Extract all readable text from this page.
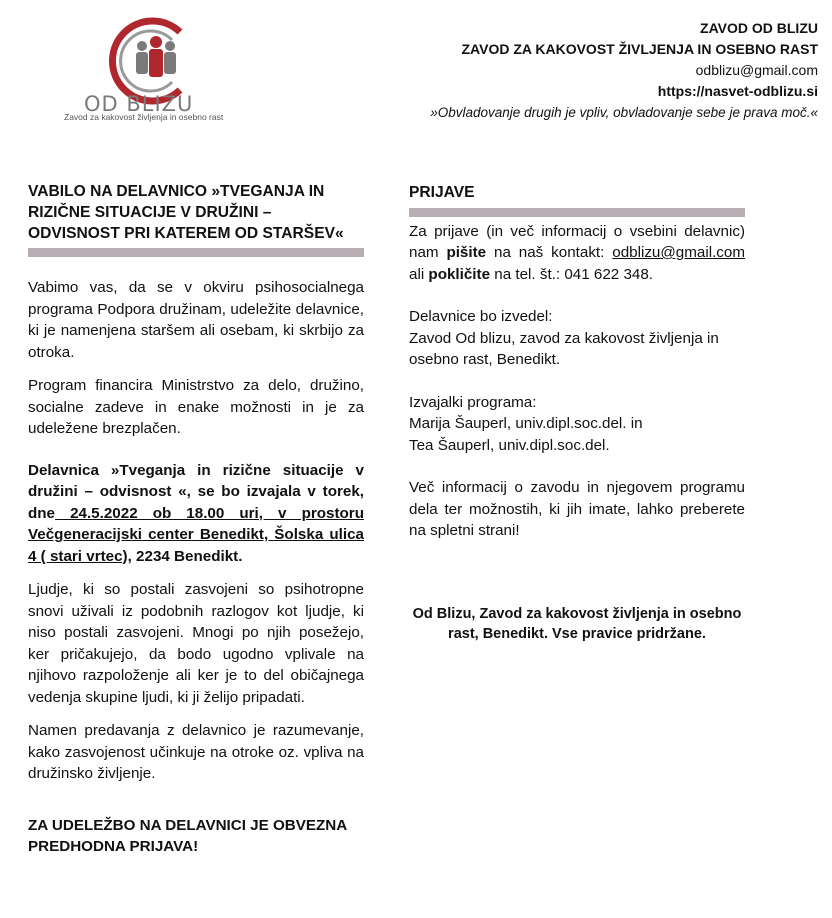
OD BLIZU
Zavod za kakovost življenja in osebno rast
ZAVOD OD BLIZU
ZAVOD ZA KAKOVOST ŽIVLJENJA IN OSEBNO RAST
odblizu@gmail.com
https://nasvet-odblizu.si
»Obvladovanje drugih je vpliv, obvladovanje sebe je prava moč.«
VABILO NA DELAVNICO »TVEGANJA IN RIZIČNE SITUACIJE V DRUŽINI – ODVISNOST PRI KATEREM OD STARŠEV«

Vabimo vas, da se v okviru psihosocialnega programa Podpora družinam, udeležite delavnice, ki je namenjena staršem ali osebam, ki skrbijo za otroka.

Program financira Ministrstvo za delo, družino, socialne zadeve in enake možnosti in je za udeležene brezplačen.

Delavnica »Tveganja in rizične situacije v družini – odvisnost «, se bo izvajala v torek, dne 24.5.2022 ob 18.00 uri, v prostoru Večgeneracijski center Benedikt, Šolska ulica 4 ( stari vrtec), 2234 Benedikt.

Ljudje, ki so postali zasvojeni so psihotropne snovi uživali iz podobnih razlogov kot ljudje, ki niso postali zasvojeni. Mnogi po njih posežejo, ker pričakujejo, da bodo ugodno vplivale na njihovo razpoloženje ali ker je to del običajnega vedenja skupine ljudi, ki ji želijo pripadati.

Namen predavanja z delavnico je razumevanje, kako zasvojenost učinkuje na otroke oz. vpliva na družinsko življenje.

ZA UDELEŽBO NA DELAVNICI JE OBVEZNA PREDHODNA PRIJAVA!

PRIJAVE

Za prijave (in več informacij o vsebini delavnic) nam pišite na naš kontakt: odblizu@gmail.com ali pokličite na tel. št.: 041 622 348.

Delavnice bo izvedel:

Zavod Od blizu, zavod za kakovost življenja in osebno rast, Benedikt.

Izvajalki programa:

Marija Šauperl, univ.dipl.soc.del. in

Tea Šauperl, univ.dipl.soc.del.

Več informacij o zavodu in njegovem programu dela ter možnostih, ki jih imate, lahko preberete na spletni strani!

Od Blizu, Zavod za kakovost življenja in osebno rast, Benedikt. Vse pravice pridržane.
